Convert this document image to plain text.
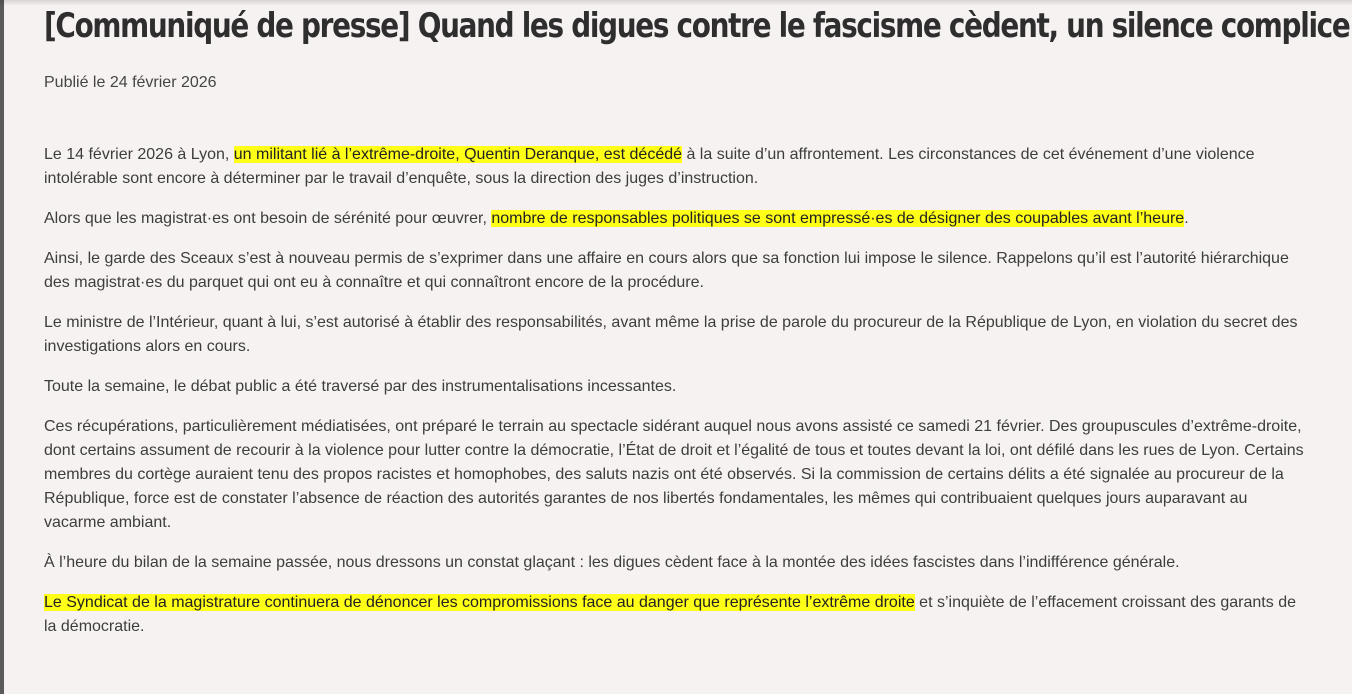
[Communiqué de presse] Quand les digues contre le fascisme cèdent, un silence complice
Publié le 24 février 2026

Le 14 février 2026 à Lyon, un militant lié à l’extrême-droite, Quentin Deranque, est décédé à la suite d’un affrontement. Les circonstances de cet événement d’une violence intolérable sont encore à déterminer par le travail d’enquête, sous la direction des juges d’instruction.

Alors que les magistrat·es ont besoin de sérénité pour œuvrer, nombre de responsables politiques se sont empressé·es de désigner des coupables avant l’heure.

Ainsi, le garde des Sceaux s’est à nouveau permis de s’exprimer dans une affaire en cours alors que sa fonction lui impose le silence. Rappelons qu’il est l’autorité hiérarchique des magistrat·es du parquet qui ont eu à connaître et qui connaîtront encore de la procédure.

Le ministre de l’Intérieur, quant à lui, s’est autorisé à établir des responsabilités, avant même la prise de parole du procureur de la République de Lyon, en violation du secret des investigations alors en cours.

Toute la semaine, le débat public a été traversé par des instrumentalisations incessantes.

Ces récupérations, particulièrement médiatisées, ont préparé le terrain au spectacle sidérant auquel nous avons assisté ce samedi 21 février. Des groupuscules d’extrême-droite, dont certains assument de recourir à la violence pour lutter contre la démocratie, l’État de droit et l’égalité de tous et toutes devant la loi, ont défilé dans les rues de Lyon. Certains membres du cortège auraient tenu des propos racistes et homophobes, des saluts nazis ont été observés. Si la commission de certains délits a été signalée au procureur de la République, force est de constater l’absence de réaction des autorités garantes de nos libertés fondamentales, les mêmes qui contribuaient quelques jours auparavant au vacarme ambiant.

À l’heure du bilan de la semaine passée, nous dressons un constat glaçant : les digues cèdent face à la montée des idées fascistes dans l’indifférence générale.

Le Syndicat de la magistrature continuera de dénoncer les compromissions face au danger que représente l’extrême droite et s’inquiète de l’effacement croissant des garants de la démocratie.
